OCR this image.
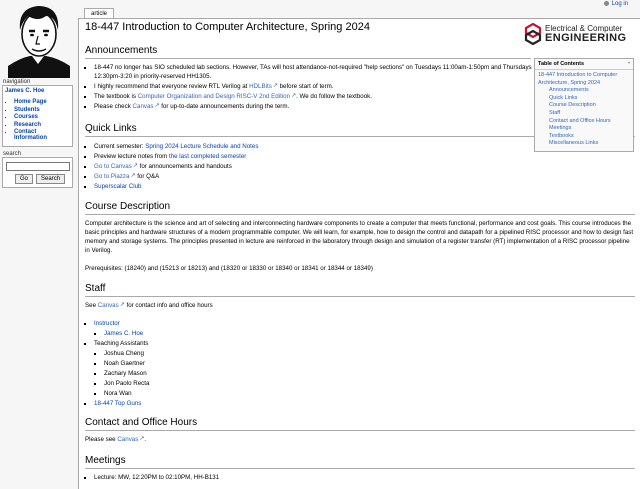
navigation
James C. Hoe
▪ Home Page
▪ Students
▪ Courses
▪ Research
▪ Contact Information
search
Go Search
article
Log in
18-447 Introduction to Computer Architecture, Spring 2024	Electrical & Computer
ENGINEERING
Table of Contents	-
18-447 Introduction to Computer Architecture, Spring 2024
Announcements
Quick Links
Course Description
Staff
Contact and Office Hours
Meetings
Textbooks
Miscellaneous Links
Announcements
▪ 18-447 no longer has SIO scheduled lab sections. However, TAs will host attendance-not-required "help sections" on Tuesdays 11:00am-1:50pm and Thursdays 12:30pm-3:20 in priority-reserved HH1305.
▪ I highly recommend that everyone review RTL Verilog at HDLBits ↗ before start of term.
▪ The textbook is Computer Organization and Design RISC-V 2nd Edition ↗ . We do follow the textbook.
▪ Please check Canvas ↗ for up-to-date announcements during the term.
Quick Links
▪ Current semester: Spring 2024 Lecture Schedule and Notes
▪ Preview lecture notes from the last completed semester
▪ Go to Canvas ↗ for announcements and handouts
▪ Go to Piazza ↗ for Q&A
▪ Superscalar Club
Course Description

Computer architecture is the science and art of selecting and interconnecting hardware components to create a computer that meets functional, performance and cost goals. This course introduces the basic principles and hardware structures of a modern programmable computer. We will learn, for example, how to design the control and datapath for a pipelined RISC processor and how to design fast memory and storage systems. The principles presented in lecture are reinforced in the laboratory through design and simulation of a register transfer (RT) implementation of a RISC processor pipeline in Verilog.

Prerequisites: (18240) and (15213 or 18213) and (18320 or 18330 or 18340 or 18341 or 18344 or 18349)

Staff

See Canvas ↗ for contact info and office hours

▪ Instructor
▪ James C. Hoe
▪ Teaching Assistants
▪ Joshua Cheng
▪ Noah Gaertner
▪ Zachary Mason
▪ Jon Paolo Recta
▪ Nora Wan
▪ 18-447 Top Guns
Contact and Office Hours

Please see Canvas ↗ .

Meetings
▪ Lecture: MW, 12:20PM to 02:10PM, HH-B131
